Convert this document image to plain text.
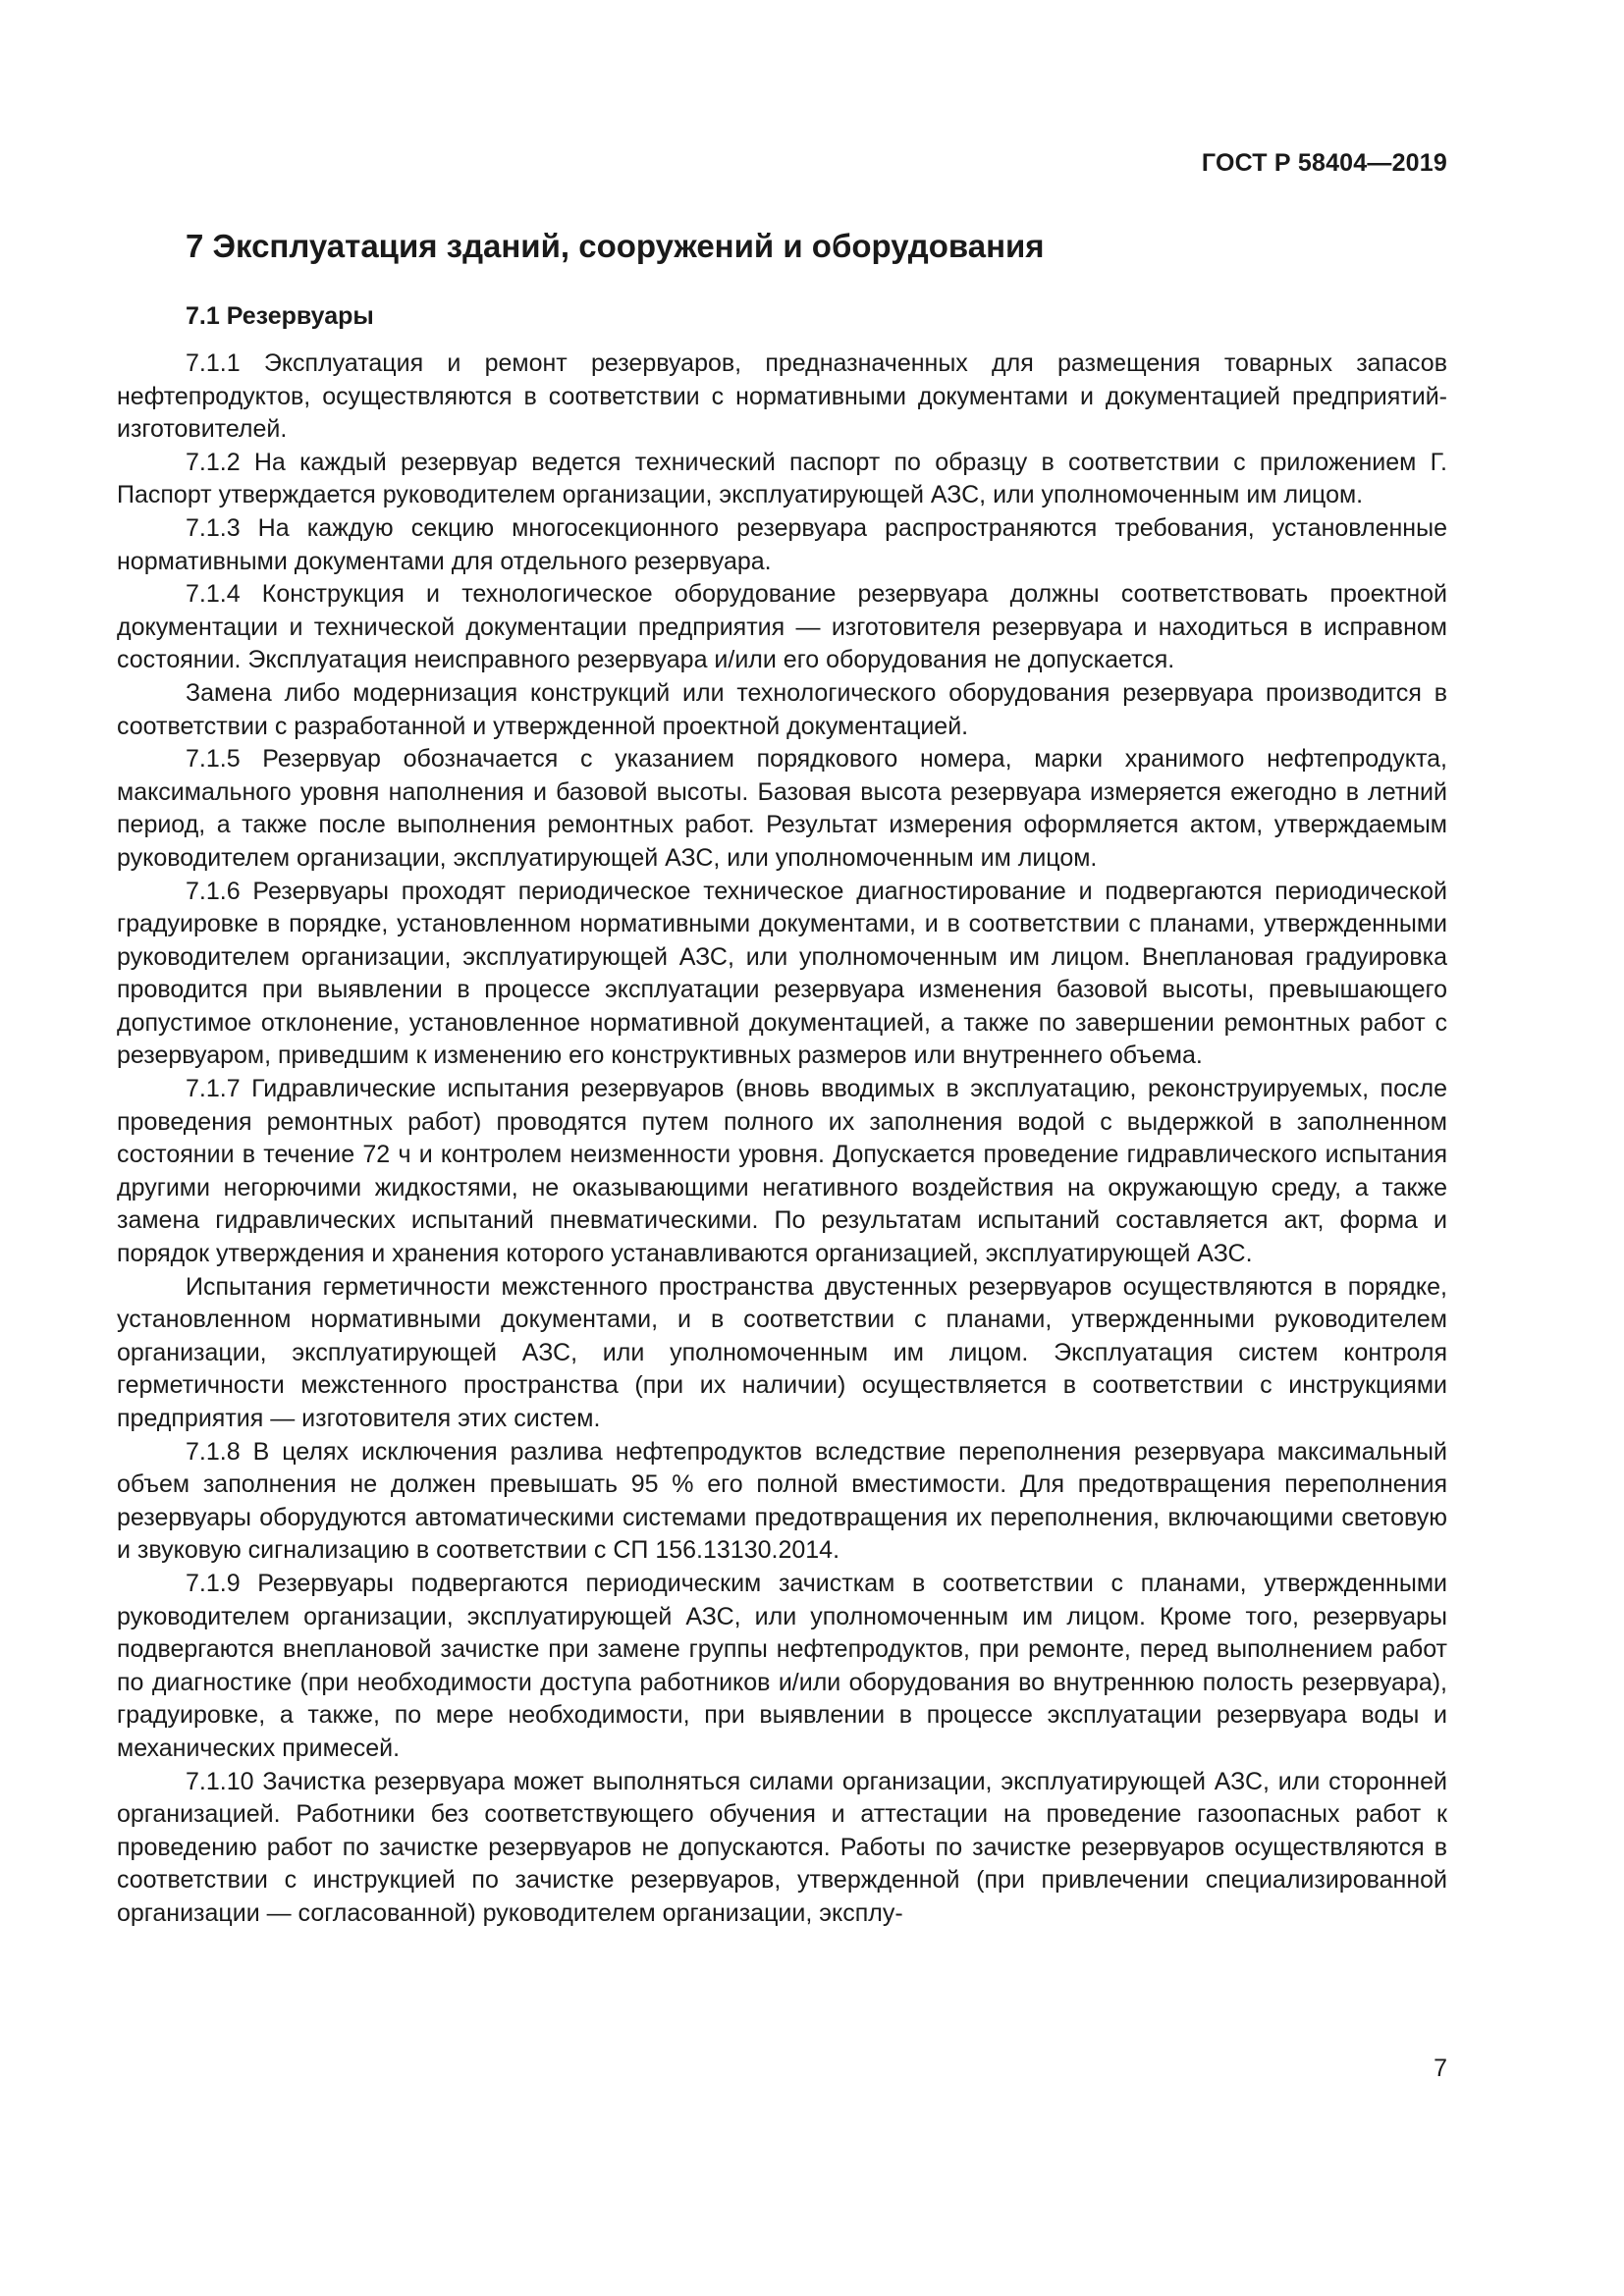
ГОСТ Р 58404—2019
7 Эксплуатация зданий, сооружений и оборудования
7.1 Резервуары

7.1.1 Эксплуатация и ремонт резервуаров, предназначенных для размещения товарных запасов нефтепродуктов, осуществляются в соответствии с нормативными документами и документацией предприятий-изготовителей.

7.1.2 На каждый резервуар ведется технический паспорт по образцу в соответствии с приложением Г. Паспорт утверждается руководителем организации, эксплуатирующей АЗС, или уполномоченным им лицом.

7.1.3 На каждую секцию многосекционного резервуара распространяются требования, установленные нормативными документами для отдельного резервуара.

7.1.4 Конструкция и технологическое оборудование резервуара должны соответствовать проектной документации и технической документации предприятия — изготовителя резервуара и находиться в исправном состоянии. Эксплуатация неисправного резервуара и/или его оборудования не допускается.

Замена либо модернизация конструкций или технологического оборудования резервуара производится в соответствии с разработанной и утвержденной проектной документацией.

7.1.5 Резервуар обозначается с указанием порядкового номера, марки хранимого нефтепродукта, максимального уровня наполнения и базовой высоты. Базовая высота резервуара измеряется ежегодно в летний период, а также после выполнения ремонтных работ. Результат измерения оформляется актом, утверждаемым руководителем организации, эксплуатирующей АЗС, или уполномоченным им лицом.

7.1.6 Резервуары проходят периодическое техническое диагностирование и подвергаются периодической градуировке в порядке, установленном нормативными документами, и в соответствии с планами, утвержденными руководителем организации, эксплуатирующей АЗС, или уполномоченным им лицом. Внеплановая градуировка проводится при выявлении в процессе эксплуатации резервуара изменения базовой высоты, превышающего допустимое отклонение, установленное нормативной документацией, а также по завершении ремонтных работ с резервуаром, приведшим к изменению его конструктивных размеров или внутреннего объема.

7.1.7 Гидравлические испытания резервуаров (вновь вводимых в эксплуатацию, реконструируемых, после проведения ремонтных работ) проводятся путем полного их заполнения водой с выдержкой в заполненном состоянии в течение 72 ч и контролем неизменности уровня. Допускается проведение гидравлического испытания другими негорючими жидкостями, не оказывающими негативного воздействия на окружающую среду, а также замена гидравлических испытаний пневматическими. По результатам испытаний составляется акт, форма и порядок утверждения и хранения которого устанавливаются организацией, эксплуатирующей АЗС.

Испытания герметичности межстенного пространства двустенных резервуаров осуществляются в порядке, установленном нормативными документами, и в соответствии с планами, утвержденными руководителем организации, эксплуатирующей АЗС, или уполномоченным им лицом. Эксплуатация систем контроля герметичности межстенного пространства (при их наличии) осуществляется в соответствии с инструкциями предприятия — изготовителя этих систем.

7.1.8 В целях исключения разлива нефтепродуктов вследствие переполнения резервуара максимальный объем заполнения не должен превышать 95 % его полной вместимости. Для предотвращения переполнения резервуары оборудуются автоматическими системами предотвращения их переполнения, включающими световую и звуковую сигнализацию в соответствии с СП 156.13130.2014.

7.1.9 Резервуары подвергаются периодическим зачисткам в соответствии с планами, утвержденными руководителем организации, эксплуатирующей АЗС, или уполномоченным им лицом. Кроме того, резервуары подвергаются внеплановой зачистке при замене группы нефтепродуктов, при ремонте, перед выполнением работ по диагностике (при необходимости доступа работников и/или оборудования во внутреннюю полость резервуара), градуировке, а также, по мере необходимости, при выявлении в процессе эксплуатации резервуара воды и механических примесей.

7.1.10 Зачистка резервуара может выполняться силами организации, эксплуатирующей АЗС, или сторонней организацией. Работники без соответствующего обучения и аттестации на проведение газоопасных работ к проведению работ по зачистке резервуаров не допускаются. Работы по зачистке резервуаров осуществляются в соответствии с инструкцией по зачистке резервуаров, утвержденной (при привлечении специализированной организации — согласованной) руководителем организации, эксплу-

7
